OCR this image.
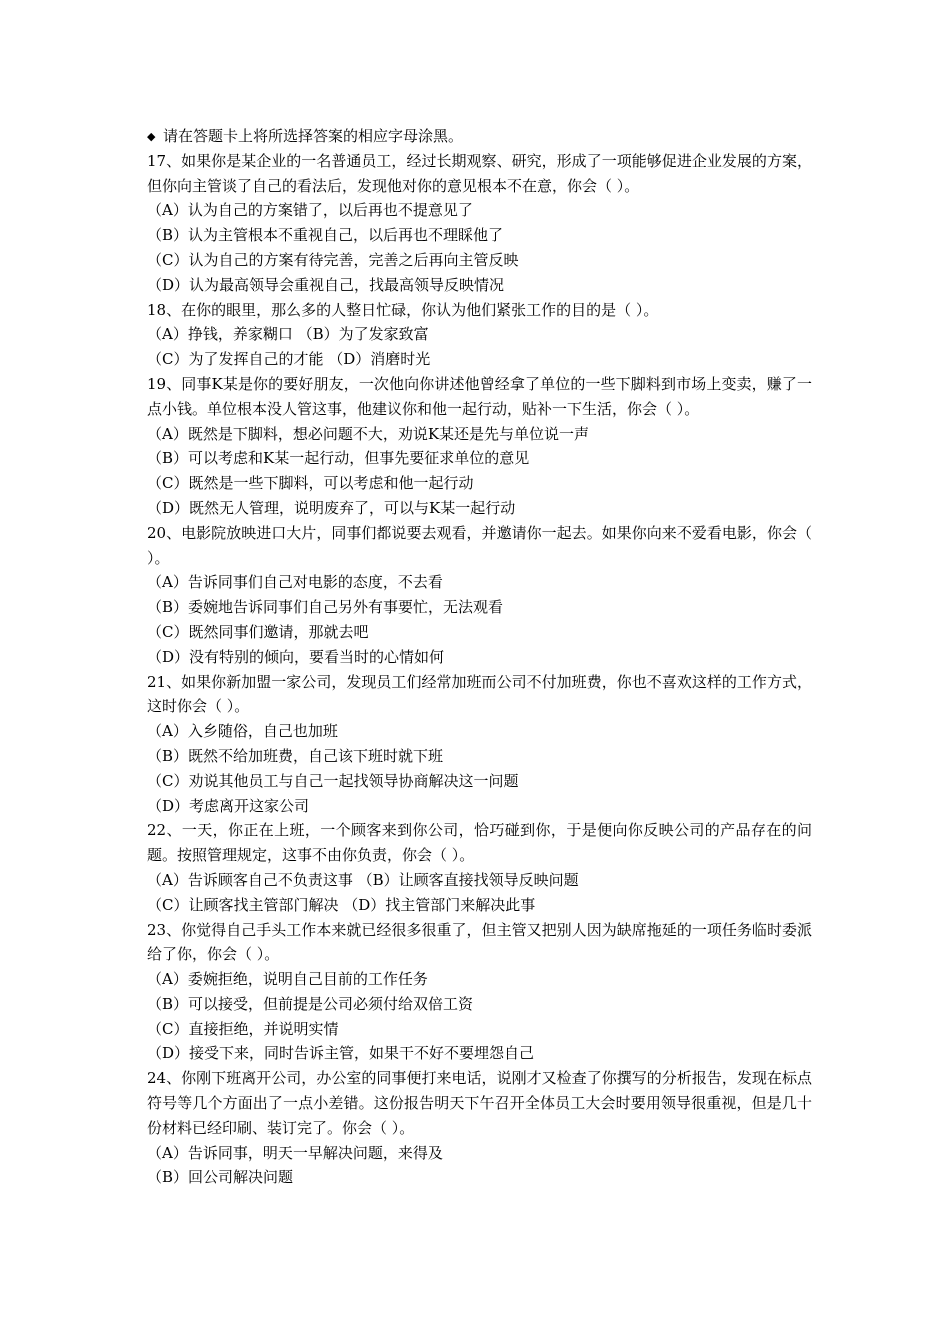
◆ 请在答题卡上将所选择答案的相应字母涂黑。
17、如果你是某企业的一名普通员工，经过长期观察、研究，形成了一项能够促进企业发展的方案，但你向主管谈了自己的看法后，发现他对你的意见根本不在意，你会（ ）。
（A）认为自己的方案错了，以后再也不提意见了
（B）认为主管根本不重视自己，以后再也不理睬他了
（C）认为自己的方案有待完善，完善之后再向主管反映
（D）认为最高领导会重视自己，找最高领导反映情况
18、在你的眼里，那么多的人整日忙碌，你认为他们紧张工作的目的是（ ）。
（A）挣钱，养家糊口 （B）为了发家致富
（C）为了发挥自己的才能 （D）消磨时光
19、同事K某是你的要好朋友，一次他向你讲述他曾经拿了单位的一些下脚料到市场上变卖，赚了一点小钱。单位根本没人管这事，他建议你和他一起行动，贴补一下生活，你会（ ）。
（A）既然是下脚料，想必问题不大，劝说K某还是先与单位说一声
（B）可以考虑和K某一起行动，但事先要征求单位的意见
（C）既然是一些下脚料，可以考虑和他一起行动
（D）既然无人管理，说明废弃了，可以与K某一起行动
20、电影院放映进口大片，同事们都说要去观看，并邀请你一起去。如果你向来不爱看电影，你会（ ）。
（A）告诉同事们自己对电影的态度，不去看
（B）委婉地告诉同事们自己另外有事要忙，无法观看
（C）既然同事们邀请，那就去吧
（D）没有特别的倾向，要看当时的心情如何
21、如果你新加盟一家公司，发现员工们经常加班而公司不付加班费，你也不喜欢这样的工作方式，这时你会（ ）。
（A）入乡随俗，自己也加班
（B）既然不给加班费，自己该下班时就下班
（C）劝说其他员工与自己一起找领导协商解决这一问题
（D）考虑离开这家公司
22、一天，你正在上班，一个顾客来到你公司，恰巧碰到你，于是便向你反映公司的产品存在的问题。按照管理规定，这事不由你负责，你会（ ）。
（A）告诉顾客自己不负责这事 （B）让顾客直接找领导反映问题
（C）让顾客找主管部门解决 （D）找主管部门来解决此事
23、你觉得自己手头工作本来就已经很多很重了，但主管又把别人因为缺席拖延的一项任务临时委派给了你，你会（ ）。
（A）委婉拒绝，说明自己目前的工作任务
（B）可以接受，但前提是公司必须付给双倍工资
（C）直接拒绝，并说明实情
（D）接受下来，同时告诉主管，如果干不好不要埋怨自己
24、你刚下班离开公司，办公室的同事便打来电话，说刚才又检查了你撰写的分析报告，发现在标点符号等几个方面出了一点小差错。这份报告明天下午召开全体员工大会时要用领导很重视，但是几十份材料已经印刷、装订完了。你会（ ）。
（A）告诉同事，明天一早解决问题，来得及
（B）回公司解决问题
